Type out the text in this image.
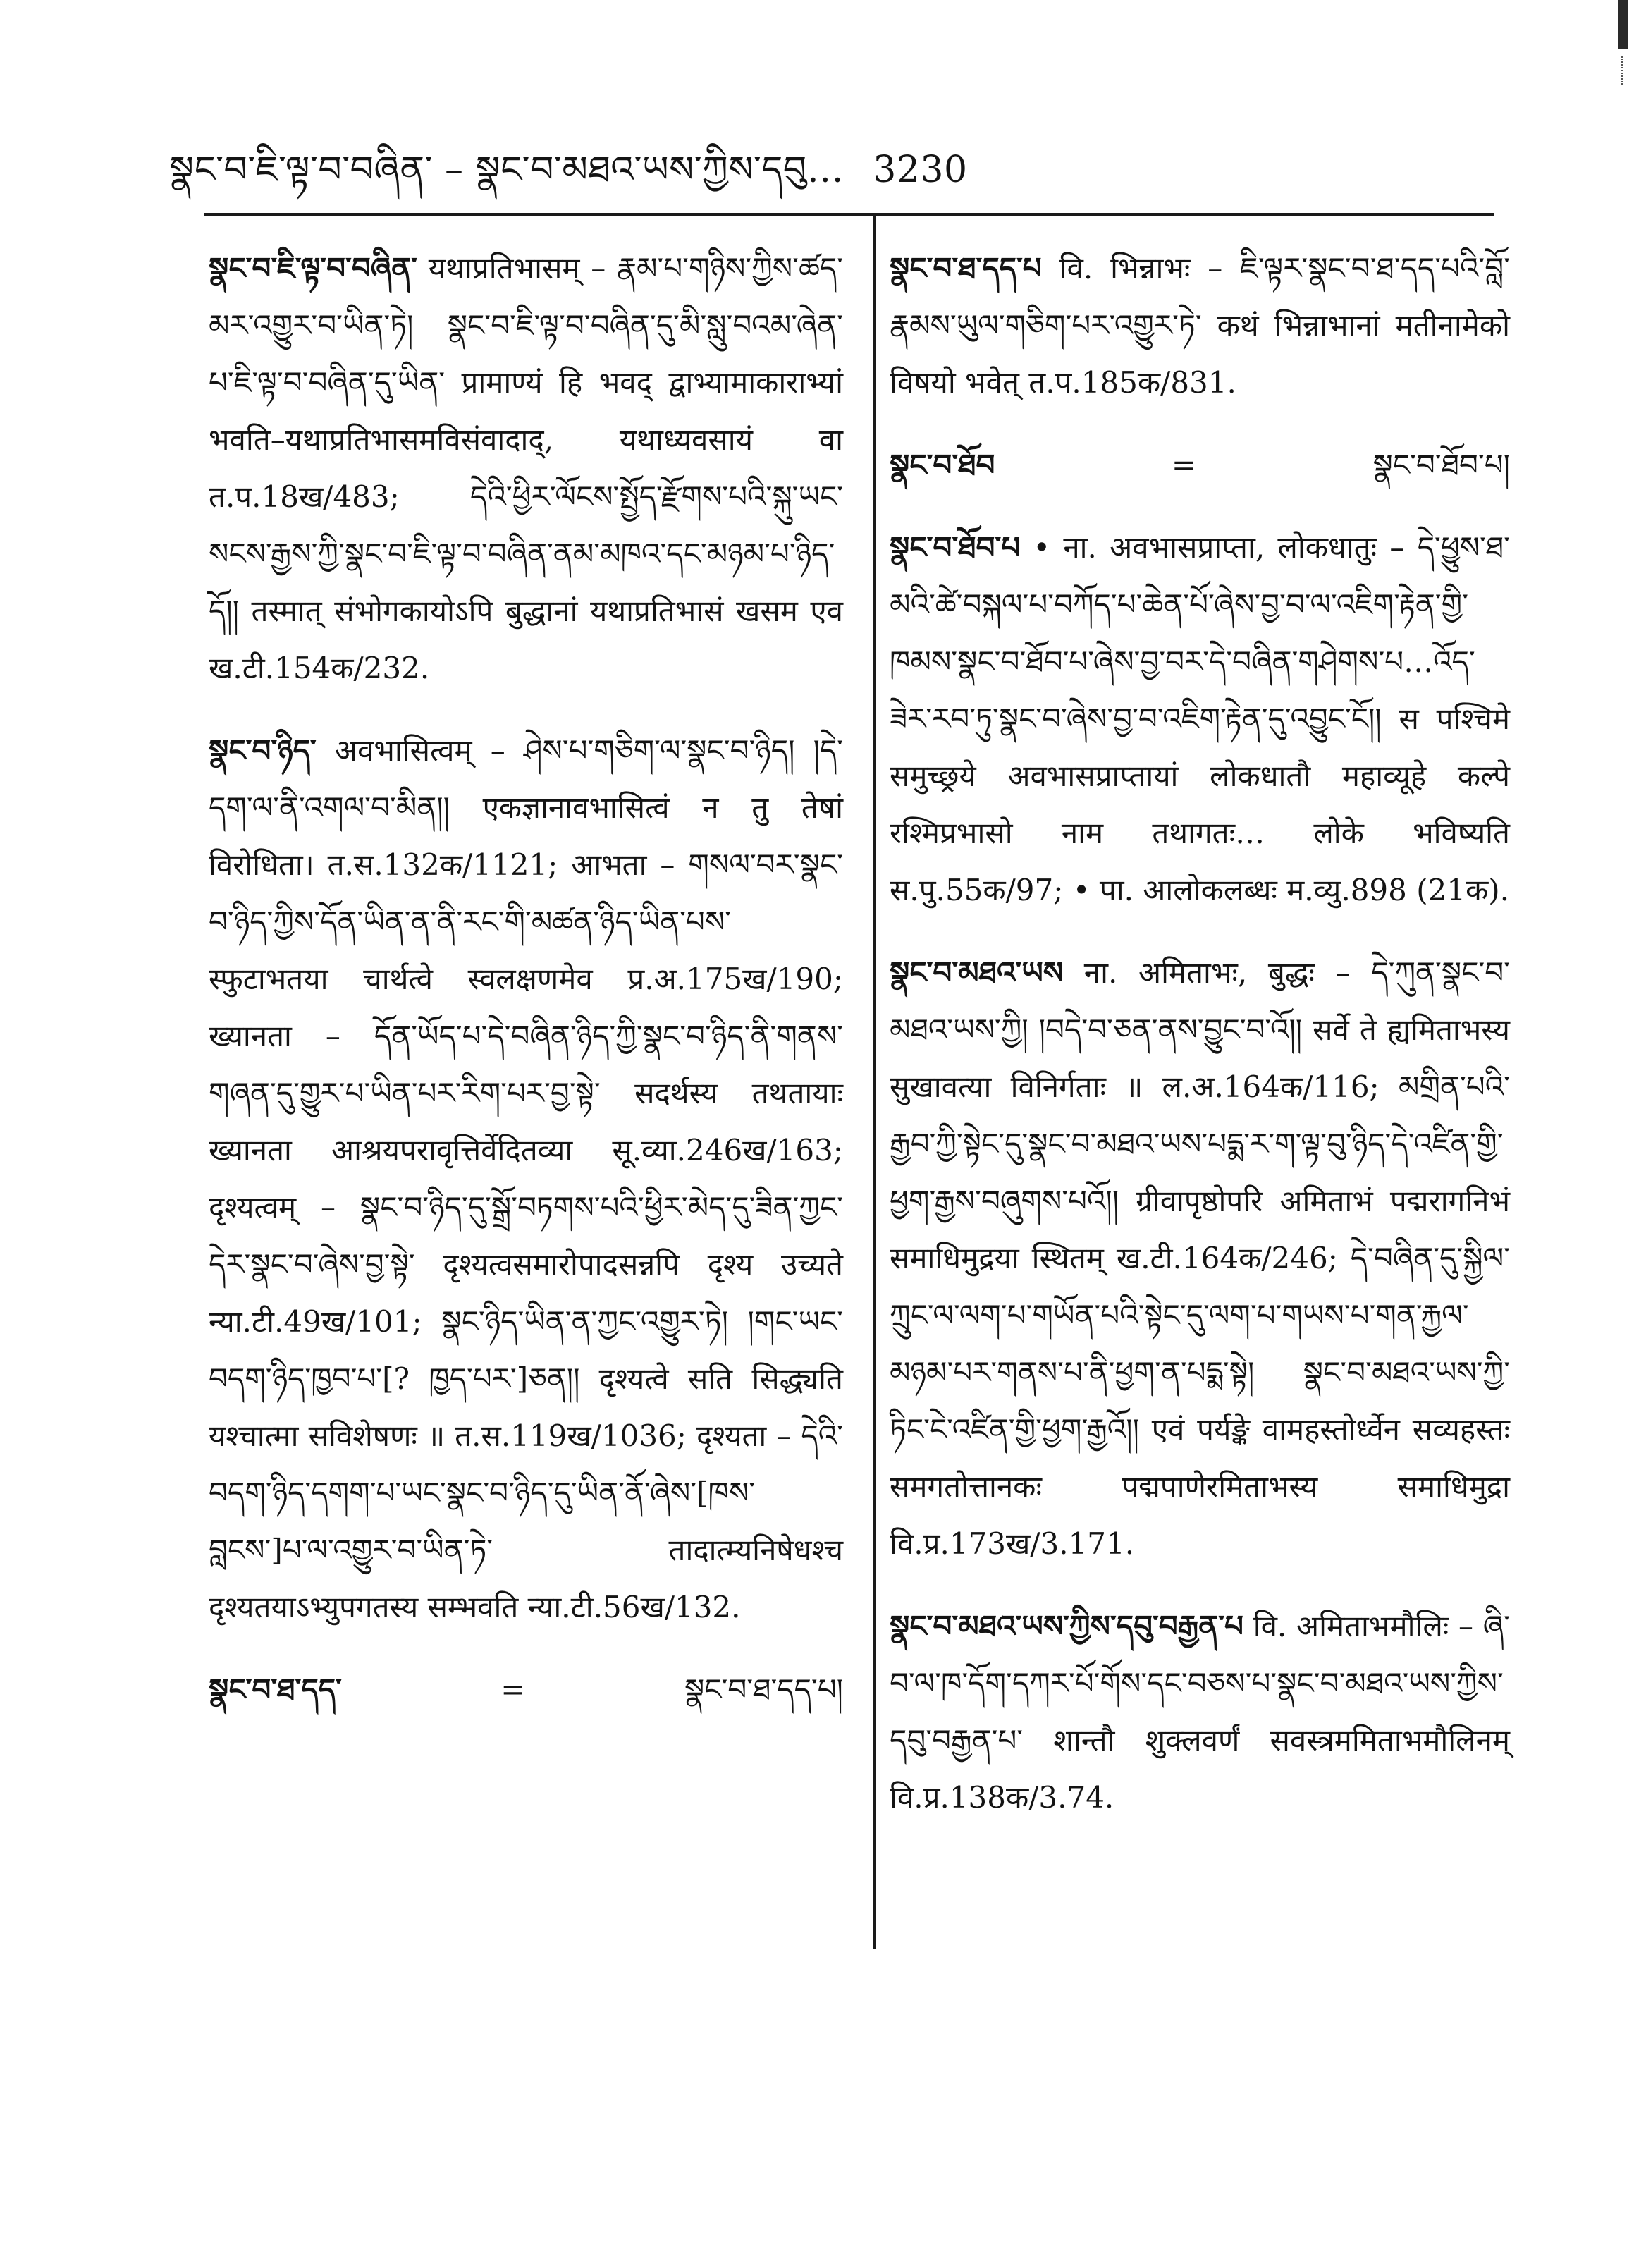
སྣང་བ་ཇི་ལྟ་བ་བཞིན་ – སྣང་བ་མཐའ་ཡས་ཀྱིས་དབུ… 3230
སྣང་བ་ཇི་ལྟ་བ་བཞིན་ यथाप्रतिभासम् – རྣམ་པ་གཉིས་ཀྱིས་ཚད་མར་འགྱུར་བ་ཡིན་ཏེ། སྣང་བ་ཇི་ལྟ་བ་བཞིན་དུ་མི་སླུ་བའམ་ཞེན་པ་ཇི་ལྟ་བ་བཞིན་དུ་ཡིན་ प्रामाण्यं हि भवद् द्वाभ्यामाकाराभ्यां भवति–यथाप्रतिभासमविसंवादाद्, यथाध्यवसायं वा त.प.18ख/483; དེའི་ཕྱིར་ལོངས་སྤྱོད་རྫོགས་པའི་སྐུ་ཡང་སངས་རྒྱས་ཀྱི་སྣང་བ་ཇི་ལྟ་བ་བཞིན་ནམ་མཁའ་དང་མཉམ་པ་ཉིད་དོ།། तस्मात् संभोगकायोऽपि बुद्धानां यथाप्रतिभासं खसम एव ख.टी.154क/232.
སྣང་བ་ཉིད་ अवभासित्वम् – ཤེས་པ་གཅིག་ལ་སྣང་བ་ཉིད། །དེ་དག་ལ་ནི་འགལ་བ་མིན།། एकज्ञानावभासित्वं न तु तेषां विरोधिता। त.स.132क/1121; आभता – གསལ་བར་སྣང་བ་ཉིད་ཀྱིས་དོན་ཡིན་ན་ནི་རང་གི་མཚན་ཉིད་ཡིན་པས་ स्फुटाभतया चार्थत्वे स्वलक्षणमेव प्र.अ.175ख/190; ख्यानता – དོན་ཡོད་པ་དེ་བཞིན་ཉིད་ཀྱི་སྣང་བ་ཉིད་ནི་གནས་གཞན་དུ་གྱུར་པ་ཡིན་པར་རིག་པར་བྱ་སྟེ་ सदर्थस्य तथतायाः ख्यानता आश्रयपरावृत्तिर्वेदितव्या सू.व्या.246ख/163; दृश्यत्वम् – སྣང་བ་ཉིད་དུ་སྒྲོ་བཏགས་པའི་ཕྱིར་མེད་དུ་ཟིན་ཀྱང་དེར་སྣང་བ་ཞེས་བྱ་སྟེ་ दृश्यत्वसमारोपादसन्नपि दृश्य उच्यते न्या.टी.49ख/101; སྣང་ཉིད་ཡིན་ན་ཀྱང་འགྱུར་ཏེ། །གང་ཡང་བདག་ཉིད་ཁྱབ་པ་[? ཁྱད་པར་]ཅན།། दृश्यत्वे सति सिद्ध्यति यश्चात्मा सविशेषणः ॥ त.स.119ख/1036; दृश्यता – དེའི་བདག་ཉིད་དགག་པ་ཡང་སྣང་བ་ཉིད་དུ་ཡིན་ནོ་ཞེས་[ཁས་བླངས་]པ་ལ་འགྱུར་བ་ཡིན་ཏེ་ तादात्म्यनिषेधश्च दृश्यतयाऽभ्युपगतस्य सम्भवति न्या.टी.56ख/132.
སྣང་བ་ཐ་དད་	=	སྣང་བ་ཐ་དད་པ།
སྣང་བ་ཐ་དད་པ वि. भिन्नाभः – ཇི་ལྟར་སྣང་བ་ཐ་དད་པའི་བློ་རྣམས་ཡུལ་གཅིག་པར་འགྱུར་ཏེ་ कथं भिन्नाभानां मतीनामेको विषयो भवेत् त.प.185क/831.
སྣང་བ་ཐོབ	=	སྣང་བ་ཐོབ་པ།
སྣང་བ་ཐོབ་པ • ना. अवभासप्राप्ता, लोकधातुः – དེ་ཕྱུས་ཐ་མའི་ཚེ་བསྐལ་པ་བཀོད་པ་ཆེན་པོ་ཞེས་བྱ་བ་ལ་འཇིག་རྟེན་གྱི་ཁམས་སྣང་བ་ཐོབ་པ་ཞེས་བྱ་བར་དེ་བཞིན་གཤེགས་པ…འོད་ཟེར་རབ་ཏུ་སྣང་བ་ཞེས་བྱ་བ་འཇིག་རྟེན་དུ་འབྱུང་ངོ།། स पश्चिमे समुच्छ्रये अवभासप्राप्तायां लोकधातौ महाव्यूहे कल्पे रश्मिप्रभासो नाम तथागतः… लोके भविष्यति स.पु.55क/97; • पा. आलोकलब्धः म.व्यु.898 (21क).
སྣང་བ་མཐའ་ཡས ना. अमिताभः, बुद्धः – དེ་ཀུན་སྣང་བ་མཐའ་ཡས་ཀྱི། །བདེ་བ་ཅན་ནས་བྱུང་བ་འོ།། सर्वे ते ह्यमिताभस्य सुखावत्या विनिर्गताः ॥ ल.अ.164क/116; མགྲིན་པའི་རྒྱབ་ཀྱི་སྟེང་དུ་སྣང་བ་མཐའ་ཡས་པདྨ་ར་ག་ལྟ་བུ་ཉིད་དེ་འཛིན་གྱི་ཕྱག་རྒྱས་བཞུགས་པའོ།། ग्रीवापृष्ठोपरि अमिताभं पद्मरागनिभं समाधिमुद्रया स्थितम् ख.टी.164क/246; དེ་བཞིན་དུ་སྐྱིལ་ཀྲུང་ལ་ལག་པ་གཡོན་པའི་སྟེང་དུ་ལག་པ་གཡས་པ་གན་རྐྱལ་མཉམ་པར་གནས་པ་ནི་ཕྱག་ན་པདྨ་སྟེ། སྣང་བ་མཐའ་ཡས་ཀྱི་ཏིང་ངེ་འཛིན་གྱི་ཕྱག་རྒྱའོ།། एवं पर्यङ्के वामहस्तोर्ध्वेन सव्यहस्तः समगतोत्तानकः पद्मपाणेरमिताभस्य समाधिमुद्रा वि.प्र.173ख/3.171.
སྣང་བ་མཐའ་ཡས་ཀྱིས་དབུ་བརྒྱན་པ वि. अमिताभमौलिः – ཞི་བ་ལ་ཁ་དོག་དཀར་པོ་གོས་དང་བཅས་པ་སྣང་བ་མཐའ་ཡས་ཀྱིས་དབུ་བརྒྱན་པ་ शान्तौ शुक्लवर्णं सवस्त्रममिताभमौलिनम् वि.प्र.138क/3.74.
